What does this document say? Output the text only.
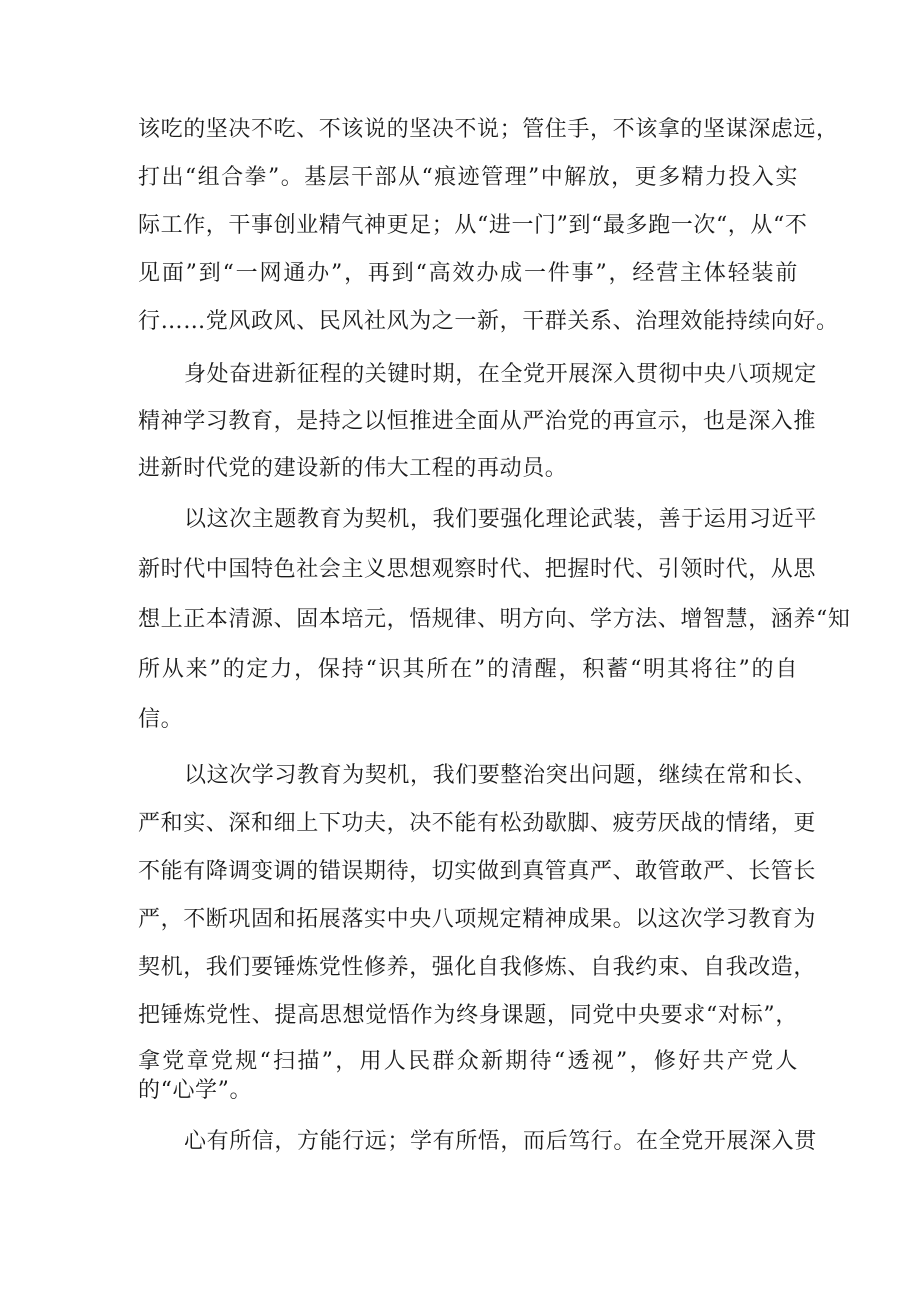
该吃的坚决不吃、不该说的坚决不说；管住手，不该拿的坚谋深虑远，
打出“组合拳”。基层干部从“痕迹管理”中解放，更多精力投入实
际工作，干事创业精气神更足；从“进一门”到“最多跑一次“，从“不
见面”到“一网通办”，再到“高效办成一件事”，经营主体轻装前
行……党风政风、民风社风为之一新，干群关系、治理效能持续向好。
身处奋进新征程的关键时期，在全党开展深入贯彻中央八项规定
精神学习教育，是持之以恒推进全面从严治党的再宣示，也是深入推
进新时代党的建设新的伟大工程的再动员。
以这次主题教育为契机，我们要强化理论武装，善于运用习近平
新时代中国特色社会主义思想观察时代、把握时代、引领时代，从思
想上正本清源、固本培元，悟规律、明方向、学方法、增智慧，涵养“知
所从来”的定力，保持“识其所在”的清醒，积蓄“明其将往”的自
信。
以这次学习教育为契机，我们要整治突出问题，继续在常和长、
严和实、深和细上下功夫，决不能有松劲歇脚、疲劳厌战的情绪，更
不能有降调变调的错误期待，切实做到真管真严、敢管敢严、长管长
严，不断巩固和拓展落实中央八项规定精神成果。以这次学习教育为
契机，我们要锤炼党性修养，强化自我修炼、自我约束、自我改造，
把锤炼党性、提高思想觉悟作为终身课题，同党中央要求“对标”，
拿党章党规“扫描”，用人民群众新期待“透视”，修好共产党人
的“心学”。
心有所信，方能行远；学有所悟，而后笃行。在全党开展深入贯
